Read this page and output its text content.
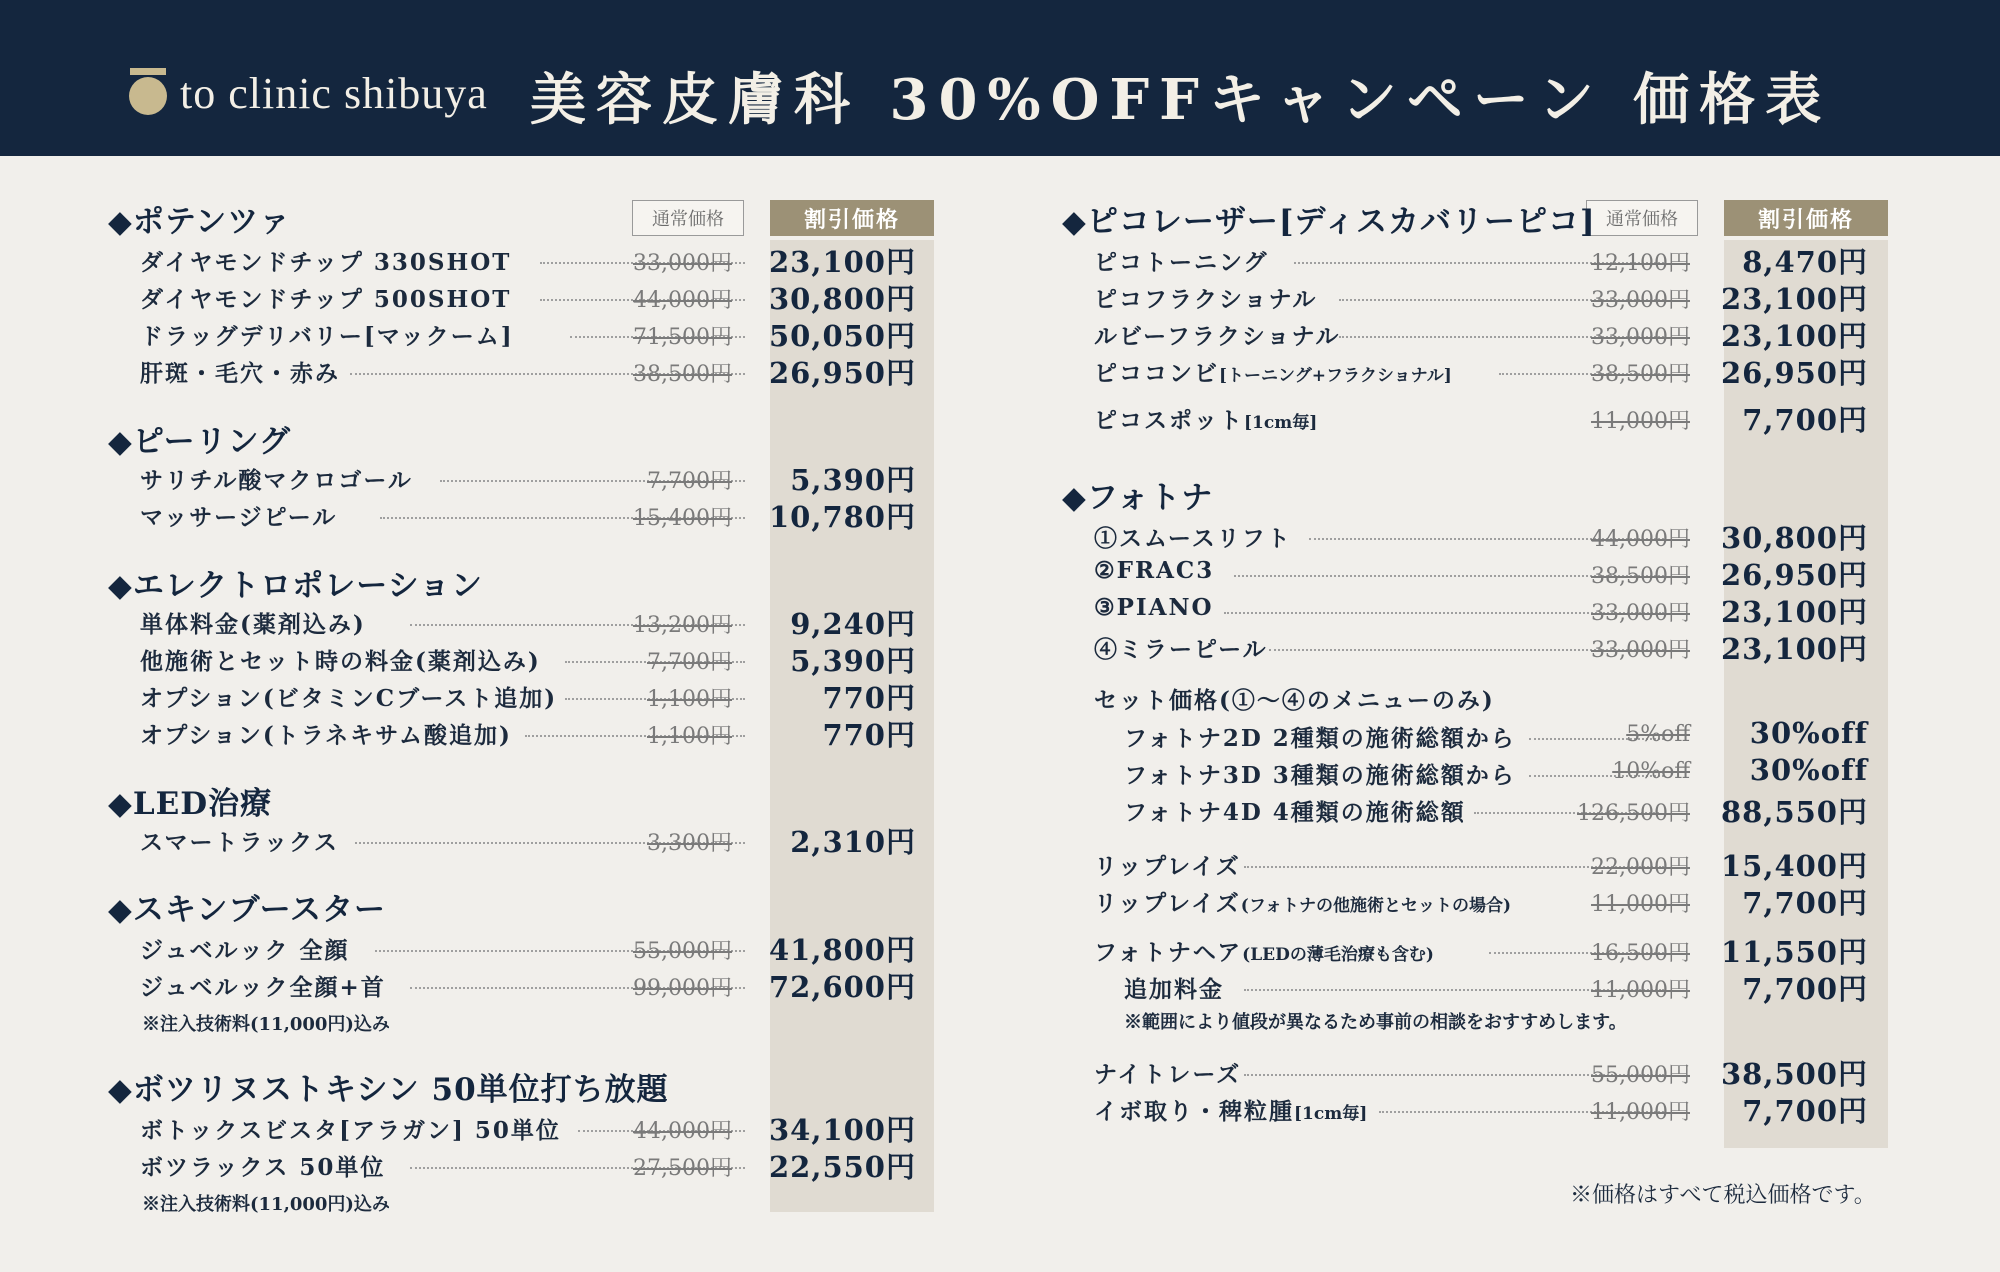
to clinic shibuya 美容皮膚科 30%OFFキャンペーン 価格表
通常価格	割引価格	通常価格	割引価格
◆ポテンツァ
ダイヤモンドチップ 330SHOT	33,000円 23,100円
ダイヤモンドチップ 500SHOT	44,000円 30,800円
ドラッグデリバリー[マックーム]	71,500円 50,050円
肝斑・毛穴・赤み	38,500円 26,950円
◆ピーリング
サリチル酸マクロゴール	7,700円 5,390円
マッサージピール	15,400円 10,780円
◆エレクトロポレーション
単体料金(薬剤込み)	13,200円 9,240円
他施術とセット時の料金(薬剤込み)	7,700円 5,390円
オプション(ビタミンCブースト追加)	1,100円	770円
オプション(トラネキサム酸追加)	1,100円	770円
◆LED治療
スマートラックス	3,300円 2,310円
◆スキンブースター
ジュベルック 全顔	55,000円 41,800円
ジュベルック全顔+首	99,000円 72,600円
※注入技術料(11,000円)込み
◆ボツリヌストキシン 50単位打ち放題
ボトックスビスタ[アラガン] 50単位	44,000円 34,100円
ボツラックス 50単位	27,500円 22,550円
※注入技術料(11,000円)込み
◆ピコレーザー[ディスカバリーピコ]
ピコトーニング	12,100円 8,470円
ピコフラクショナル	33,000円 23,100円
ルビーフラクショナル	33,000円 23,100円
ピココンビ[トーニング+フラクショナル]	38,500円 26,950円
ピコスポット[1cm毎]	11,000円 7,700円
◆フォトナ
①スムースリフト	44,000円 30,800円
②FRAC3	38,500円 26,950円
③PIANO	33,000円 23,100円
④ミラーピール	33,000円 23,100円
セット価格(①〜④のメニューのみ)
フォトナ2D 2種類の施術総額から	5%off 30%off
フォトナ3D 3種類の施術総額から	10%off 30%off
フォトナ4D 4種類の施術総額	126,500円 88,550円
リップレイズ	22,000円 15,400円
リップレイズ(フォトナの他施術とセットの場合)	11,000円 7,700円
フォトナヘア(LEDの薄毛治療も含む)	16,500円 11,550円
追加料金	11,000円 7,700円
※範囲により値段が異なるため事前の相談をおすすめします。
ナイトレーズ	55,000円 38,500円
イボ取り・稗粒腫[1cm毎]	11,000円 7,700円
※価格はすべて税込価格です。
